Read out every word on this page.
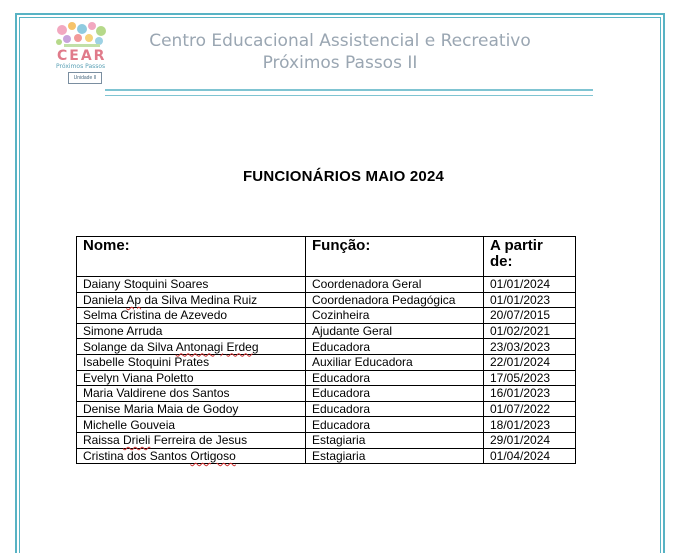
CEAR
Próximos Passos
Unidade II
Centro Educacional Assistencial e Recreativo
Próximos Passos II
FUNCIONÁRIOS MAIO 2024
Nome:	Função:	A partir de:
Daiany Stoquini Soares	Coordenadora Geral	01/01/2024
Daniela Ap da Silva Medina Ruiz	Coordenadora Pedagógica	01/01/2023
Selma Cristina de Azevedo	Cozinheira	20/07/2015
Simone Arruda	Ajudante Geral	01/02/2021
Solange da Silva Antonagi Erdeg	Educadora	23/03/2023
Isabelle Stoquini Prates	Auxiliar Educadora	22/01/2024
Evelyn Viana Poletto	Educadora	17/05/2023
Maria Valdirene dos Santos	Educadora	16/01/2023
Denise Maria Maia de Godoy	Educadora	01/07/2022
Michelle Gouveia	Educadora	18/01/2023
Raissa Drieli Ferreira de Jesus	Estagiaria	29/01/2024
Cristina dos Santos Ortigoso	Estagiaria	01/04/2024
